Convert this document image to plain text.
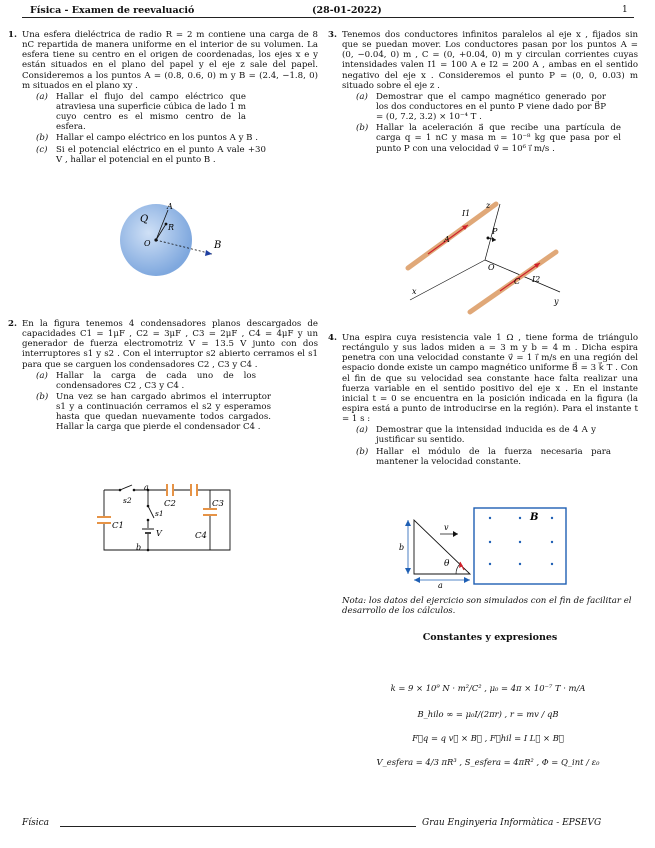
Física - Examen de reevaluació	(28-01-2022)	1
1. Una esfera dieléctrica de radio R = 2 m contiene una carga de 8 nC repartida de manera uniforme en el interior de su volumen. La esfera tiene su centro en el origen de coordenadas, los ejes x e y están situados en el plano del papel y el eje z sale del papel. Consideremos a los puntos A = (0.8, 0.6, 0) m y B = (2.4, −1.8, 0) m situados en el plano xy .
(a) Hallar el flujo del campo eléctrico que atraviesa una superficie cúbica de lado 1 m cuyo centro es el mismo centro de la esfera.
(b) Hallar el campo eléctrico en los puntos A y B .
(c) Si el potencial eléctrico en el punto A vale +30 V , hallar el potencial en el punto B .
Q
A
R
O	B
2. En la figura tenemos 4 condensadores planos descargados de capacidades C1 = 1μF , C2 = 3μF , C3 = 2μF , C4 = 4μF y un generador de fuerza electromotriz V = 13.5 V junto con dos interruptores s1 y s2 . Con el interruptor s2 abierto cerramos el s1 para que se carguen los condensadores C2 , C3 y C4 .
(a) Hallar la carga de cada uno de los condensadores C2 , C3 y C4 .
(b) Una vez se han cargado abrimos el interruptor s1 y a continuación cerramos el s2 y esperamos hasta que quedan nuevamente todos cargados. Hallar la carga que pierde el condensador C4 .
a
s2
s1
C1
C2	C3
C4
b
V
3. Tenemos dos conductores infinitos paralelos al eje x , fijados sin que se puedan mover. Los conductores pasan por los puntos A = (0, −0.04, 0) m , C = (0, +0.04, 0) m y circulan corrientes cuyas intensidades valen I1 = 100 A e I2 = 200 A , ambas en el sentido negativo del eje x . Consideremos el punto P = (0, 0, 0.03) m situado sobre el eje z .
(a) Demostrar que el campo magnético generado por los dos conductores en el punto P viene dado por B⃗P = (0, 7.2, 3.2) × 10⁻⁴ T .
(b) Hallar la aceleración a⃗ que recibe una partícula de carga q = 1 nC y masa m = 10⁻⁸ kg que pasa por el punto P con una velocidad v⃗ = 10⁶ i⃗ m/s .
z
I1
P
A
O
C I2
x
y
4. Una espira cuya resistencia vale 1 Ω , tiene forma de triángulo rectángulo y sus lados miden a = 3 m y b = 4 m . Dicha espira penetra con una velocidad constante v⃗ = 1 i⃗ m/s en una región del espacio donde existe un campo magnético uniforme B⃗ = 3 k⃗ T . Con el fin de que su velocidad sea constante hace falta realizar una fuerza variable en el sentido positivo del eje x . En el instante inicial t = 0 se encuentra en la posición indicada en la figura (la espira está a punto de introducirse en la región). Para el instante t = 1 s :
(a) Demostrar que la intensidad inducida es de 4 A y justificar su sentido.
(b) Hallar el módulo de la fuerza necesaria para mantener la velocidad constante.
v
B
b
θ
a
Nota: los datos del ejercicio son simulados con el fin de facilitar el desarrollo de los cálculos.
Constantes y expresiones
k = 9 × 10⁹ N · m²/C² , μ₀ = 4π × 10⁻⁷ T · m/A
B_hilo ∞ = μ₀I/(2πr) , r = mv / qB
F⃗q = q v⃗ × B⃗ , F⃗hil = I L⃗ × B⃗
V_esfera = 4/3 πR³ , S_esfera = 4πR² , Φ = Q_int / ε₀
Física	Grau Enginyeria Informàtica - EPSEVG
